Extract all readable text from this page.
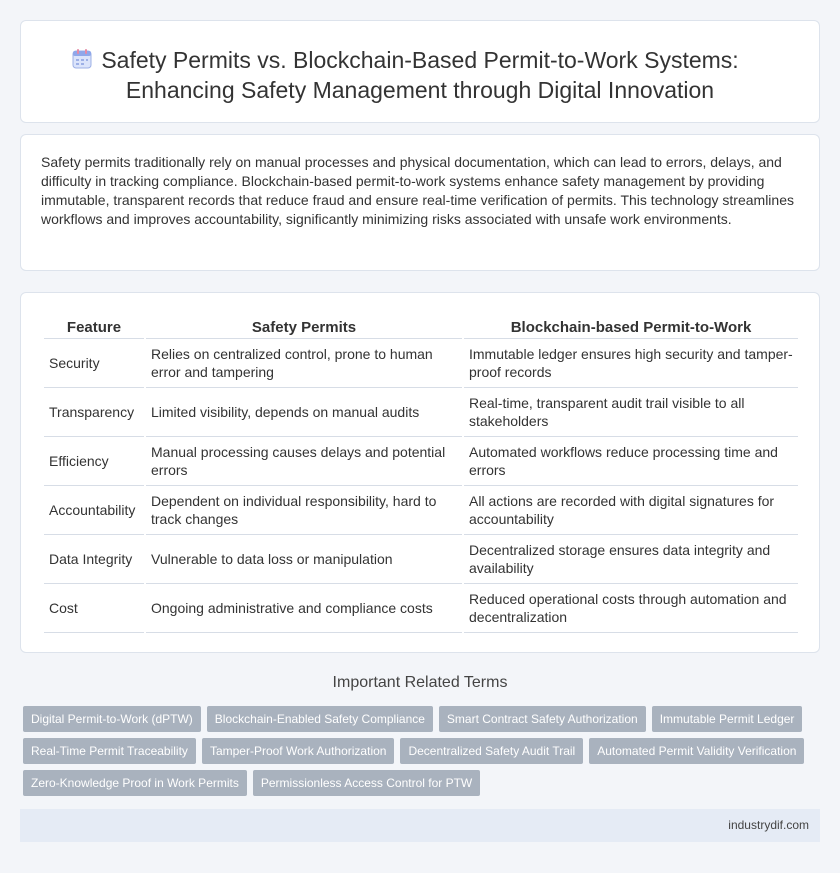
Safety Permits vs. Blockchain-Based Permit-to-Work Systems:
Enhancing Safety Management through Digital Innovation

Safety permits traditionally rely on manual processes and physical documentation, which can lead to errors, delays, and difficulty in tracking compliance. Blockchain-based permit-to-work systems enhance safety management by providing immutable, transparent records that reduce fraud and ensure real-time verification of permits. This technology streamlines workflows and improves accountability, significantly minimizing risks associated with unsafe work environments.

Feature	Safety Permits	Blockchain-based Permit-to-Work
Security	Relies on centralized control, prone to human error and tampering	Immutable ledger ensures high security and tamper-proof records
Transparency	Limited visibility, depends on manual audits	Real-time, transparent audit trail visible to all stakeholders
Efficiency	Manual processing causes delays and potential errors	Automated workflows reduce processing time and errors
Accountability	Dependent on individual responsibility, hard to track changes	All actions are recorded with digital signatures for accountability
Data Integrity	Vulnerable to data loss or manipulation	Decentralized storage ensures data integrity and availability
Cost	Ongoing administrative and compliance costs	Reduced operational costs through automation and decentralization
Important Related Terms
Digital Permit-to-Work (dPTW)	Blockchain-Enabled Safety Compliance	Smart Contract Safety Authorization	Immutable Permit Ledger
Real-Time Permit Traceability	Tamper-Proof Work Authorization	Decentralized Safety Audit Trail	Automated Permit Validity Verification
Zero-Knowledge Proof in Work Permits	Permissionless Access Control for PTW
industrydif.com
